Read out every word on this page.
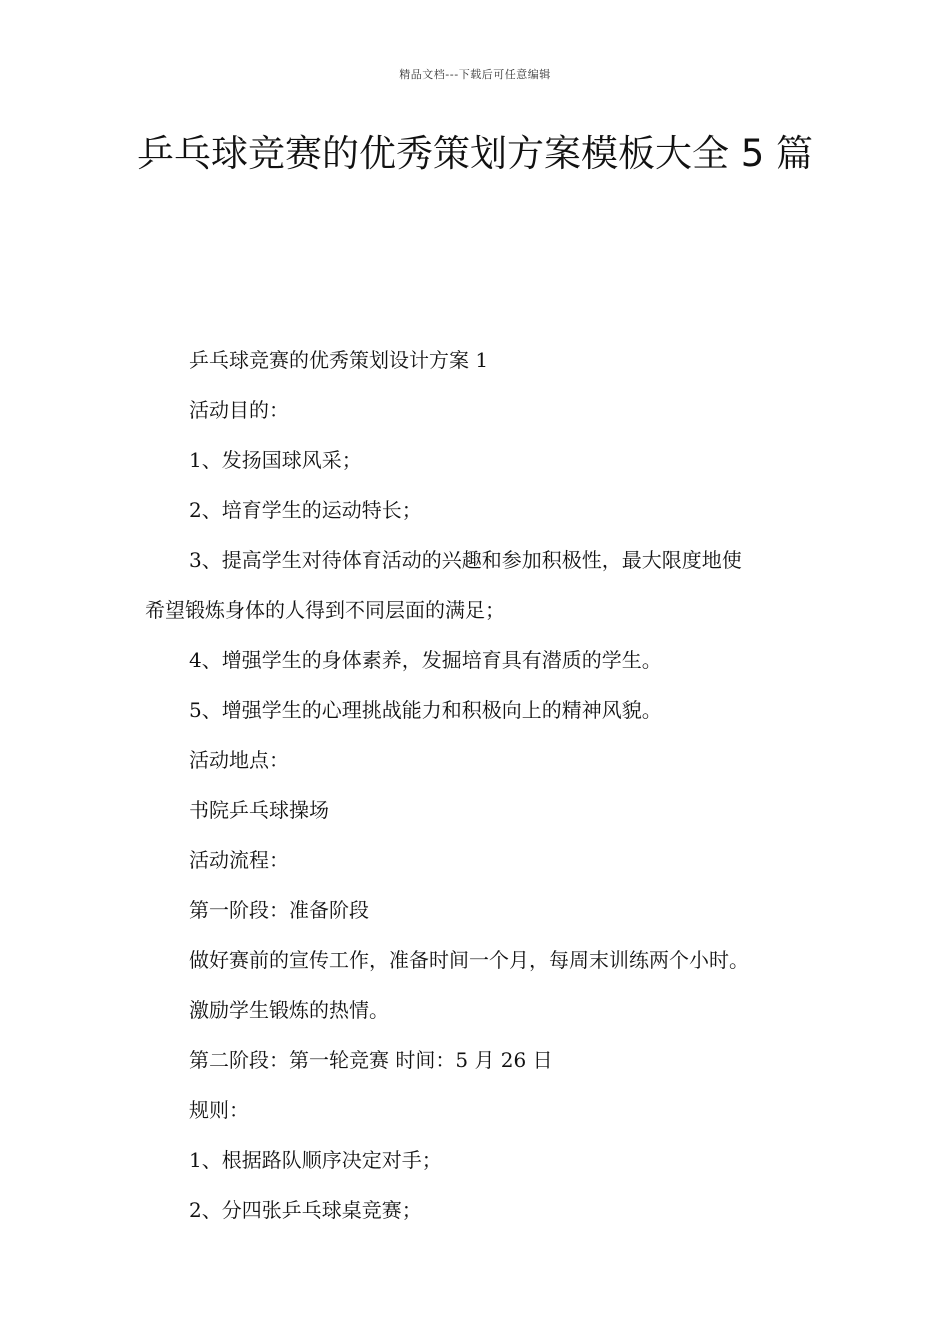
精品文档---下载后可任意编辑
乒乓球竞赛的优秀策划方案模板大全 5 篇

乒乓球竞赛的优秀策划设计方案 1

活动目的：

1、发扬国球风采；

2、培育学生的运动特长；

3、提高学生对待体育活动的兴趣和参加积极性，最大限度地使

希望锻炼身体的人得到不同层面的满足；

4、增强学生的身体素养，发掘培育具有潜质的学生。

5、增强学生的心理挑战能力和积极向上的精神风貌。

活动地点：

书院乒乓球操场

活动流程：

第一阶段：准备阶段

做好赛前的宣传工作，准备时间一个月，每周末训练两个小时。

激励学生锻炼的热情。

第二阶段：第一轮竞赛 时间：5 月 26 日

规则：

1、根据路队顺序决定对手；

2、分四张乒乓球桌竞赛；
